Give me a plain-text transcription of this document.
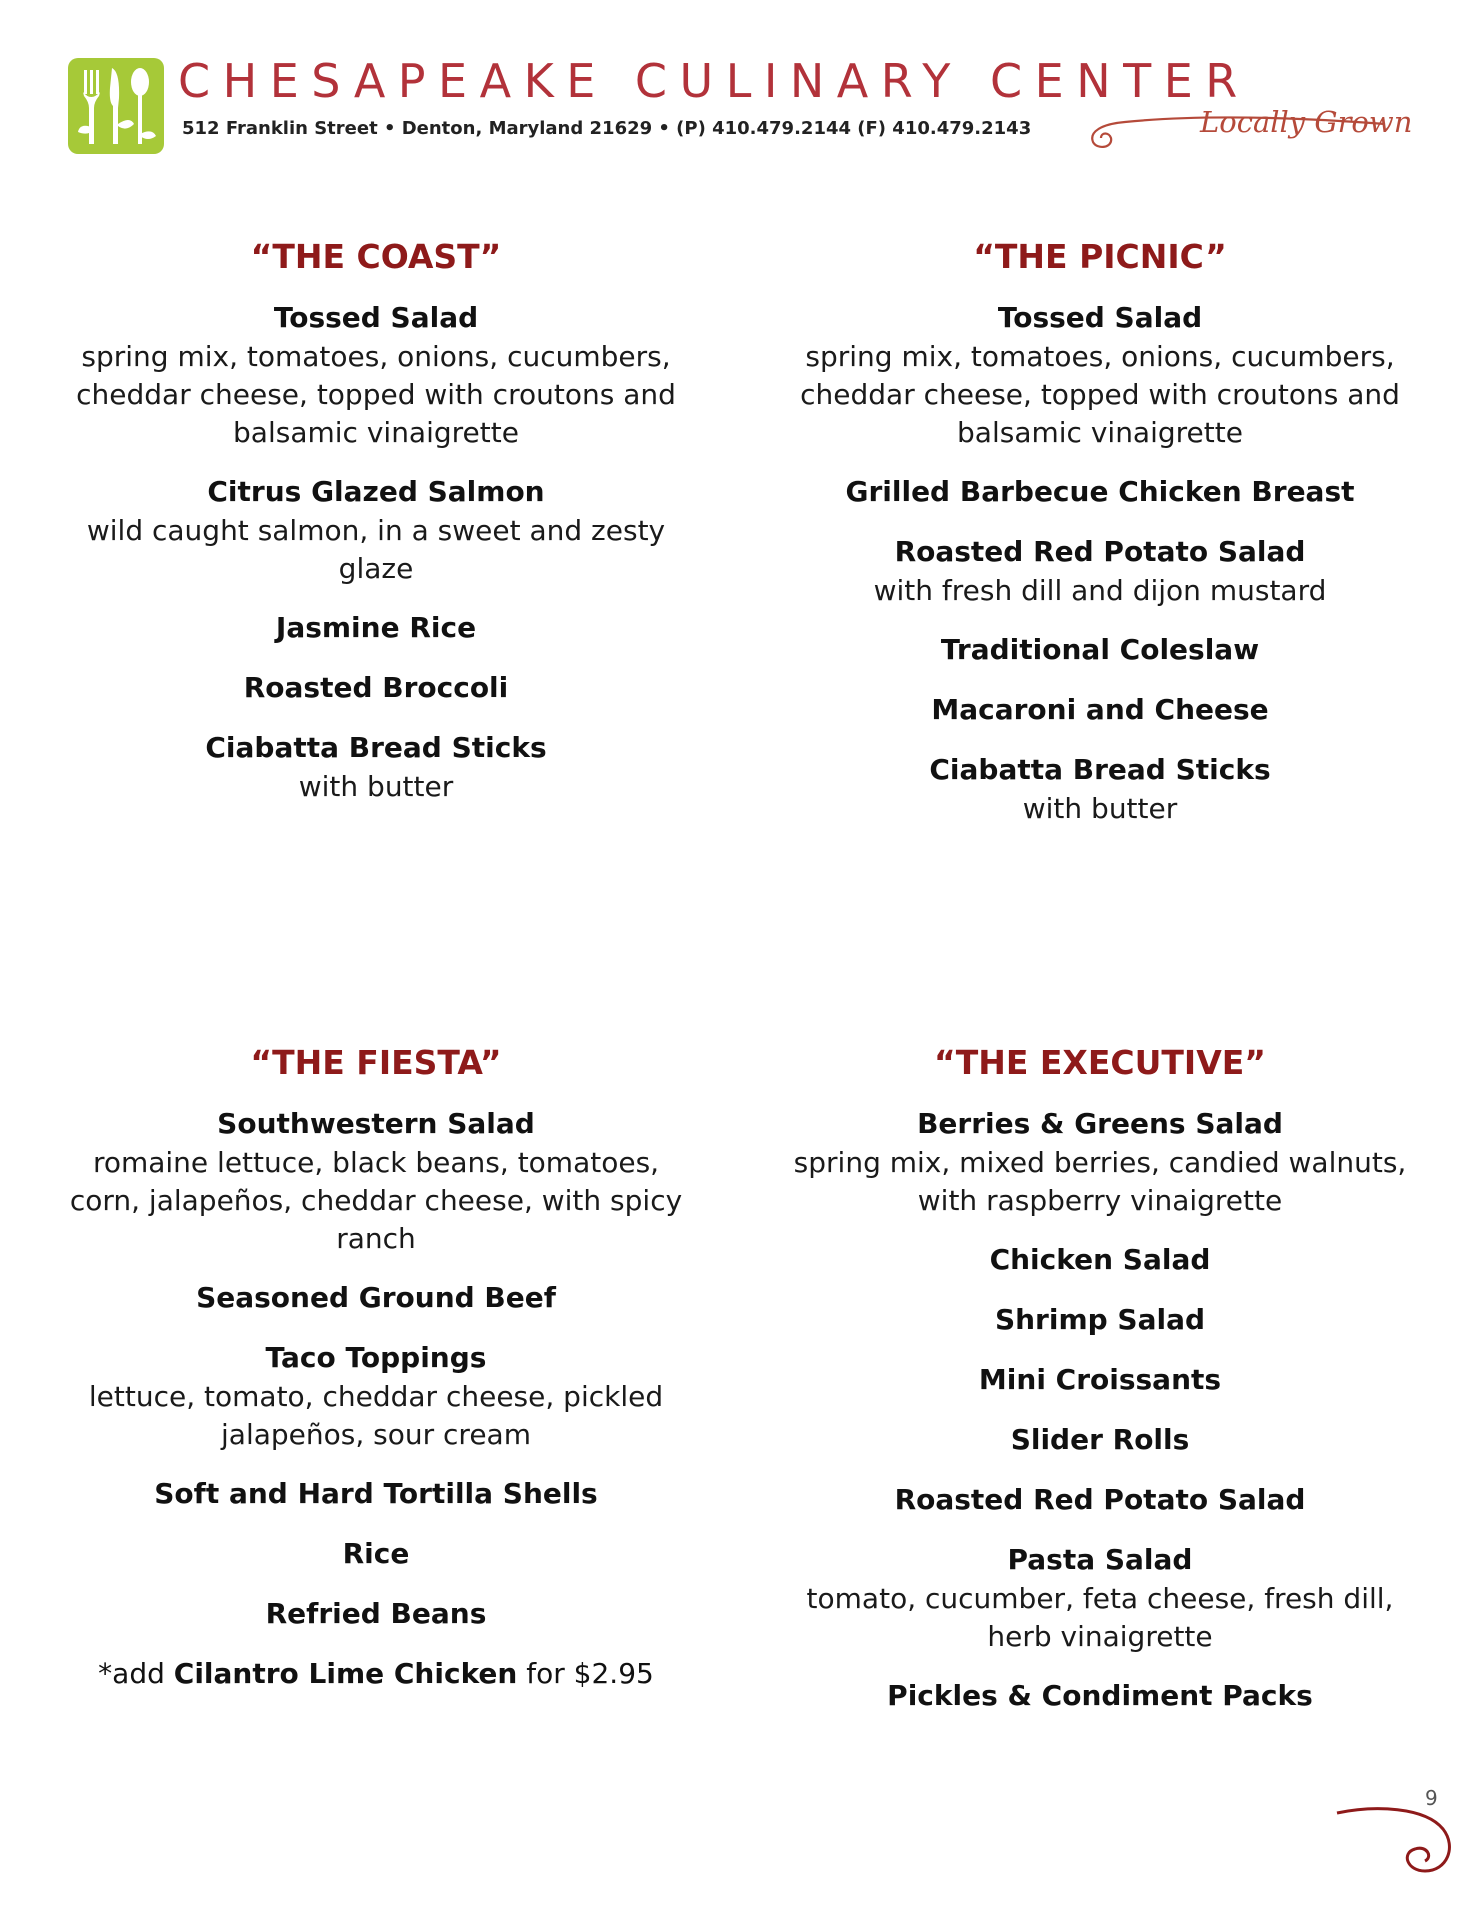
CHESAPEAKE CULINARY CENTER
512 Franklin Street • Denton, Maryland 21629 • (P) 410.479.2144 (F) 410.479.2143	Locally Grown
“THE COAST”
Tossed Salad
spring mix, tomatoes, onions, cucumbers, cheddar cheese, topped with croutons and balsamic vinaigrette
Citrus Glazed Salmon
wild caught salmon, in a sweet and zesty glaze
Jasmine Rice
Roasted Broccoli
Ciabatta Bread Sticks
with butter
“THE PICNIC”
Tossed Salad
spring mix, tomatoes, onions, cucumbers, cheddar cheese, topped with croutons and balsamic vinaigrette
Grilled Barbecue Chicken Breast
Roasted Red Potato Salad
with fresh dill and dijon mustard
Traditional Coleslaw
Macaroni and Cheese
Ciabatta Bread Sticks
with butter
“THE FIESTA”
Southwestern Salad
romaine lettuce, black beans, tomatoes, corn, jalapeños, cheddar cheese, with spicy ranch
Seasoned Ground Beef
Taco Toppings
lettuce, tomato, cheddar cheese, pickled jalapeños, sour cream
Soft and Hard Tortilla Shells
Rice
Refried Beans
*add Cilantro Lime Chicken for $2.95
“THE EXECUTIVE”
Berries & Greens Salad
spring mix, mixed berries, candied walnuts, with raspberry vinaigrette
Chicken Salad
Shrimp Salad
Mini Croissants
Slider Rolls
Roasted Red Potato Salad
Pasta Salad
tomato, cucumber, feta cheese, fresh dill, herb vinaigrette
Pickles & Condiment Packs
9
